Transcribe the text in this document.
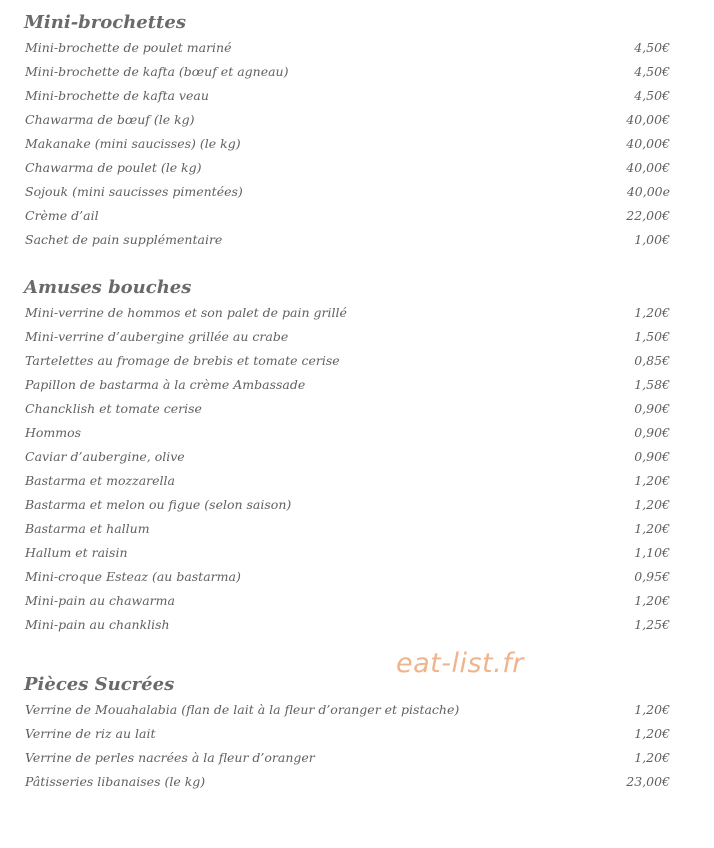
Mini-brochettes
Mini-brochette de poulet mariné	4,50€
Mini-brochette de kafta (bœuf et agneau)	4,50€
Mini-brochette de kafta veau	4,50€
Chawarma de bœuf (le kg)	40,00€
Makanake (mini saucisses) (le kg)	40,00€
Chawarma de poulet (le kg)	40,00€
Sojouk (mini saucisses pimentées)	40,00e
Crème d’ail	22,00€
Sachet de pain supplémentaire	1,00€
Amuses bouches
Mini-verrine de hommos et son palet de pain grillé	1,20€
Mini-verrine d’aubergine grillée au crabe	1,50€
Tartelettes au fromage de brebis et tomate cerise	0,85€
Papillon de bastarma à la crème Ambassade	1,58€
Chancklish et tomate cerise	0,90€
Hommos	0,90€
Caviar d’aubergine, olive	0,90€
Bastarma et mozzarella	1,20€
Bastarma et melon ou figue (selon saison)	1,20€
Bastarma et hallum	1,20€
Hallum et raisin	1,10€
Mini-croque Esteaz (au bastarma)	0,95€
Mini-pain au chawarma	1,20€
Mini-pain au chanklish	1,25€
Pièces Sucrées
Verrine de Mouahalabia (flan de lait à la fleur d’oranger et pistache)	1,20€
Verrine de riz au lait	1,20€
Verrine de perles nacrées à la fleur d’oranger	1,20€
Pâtisseries libanaises (le kg)	23,00€
eat-list.fr
